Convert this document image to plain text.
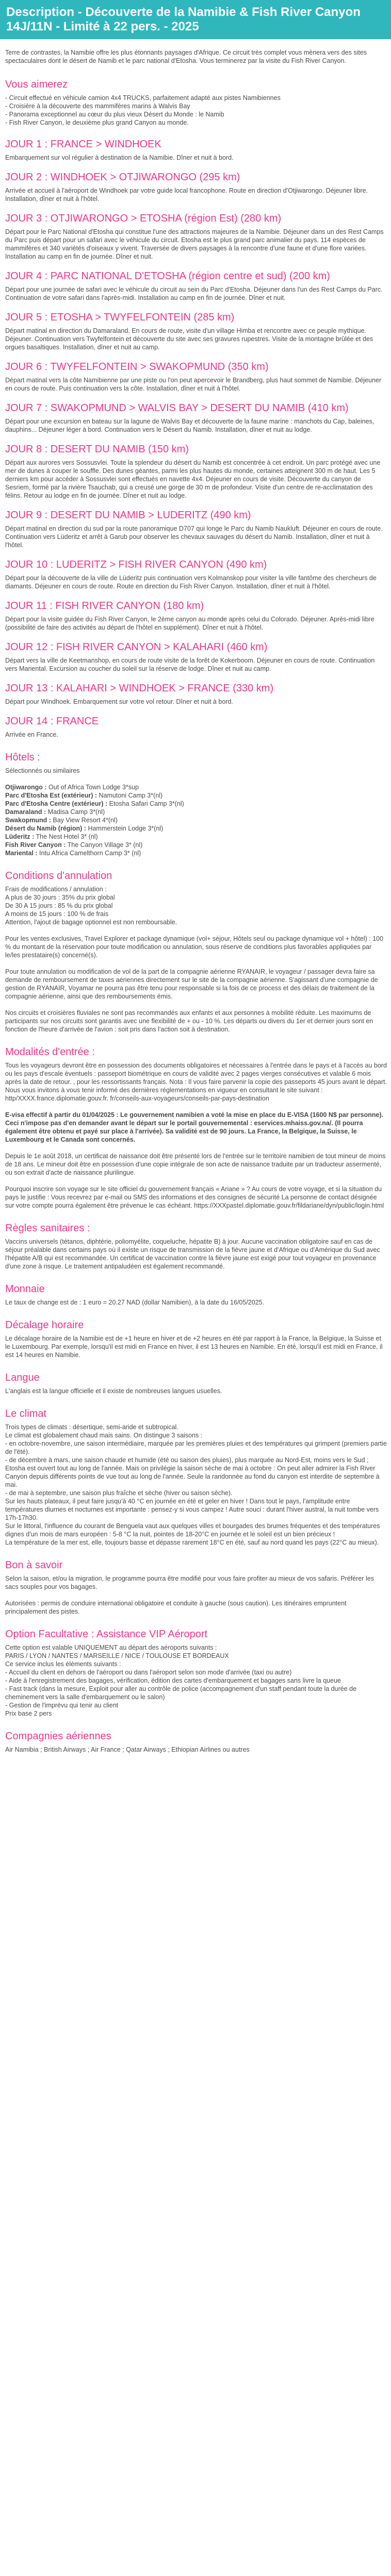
Description - Découverte de la Namibie & Fish River Canyon
14J/11N - Limité à 22 pers. - 2025

Terre de contrastes, la Namibie offre les plus étonnants paysages d'Afrique. Ce circuit très complet vous mènera vers des sites spectaculaires dont le désert de Namib et le parc national d'Etosha. Vous terminerez par la visite du Fish River Canyon.

Vous aimerez

- Circuit effectué en véhicule camion 4x4 TRUCKS, parfaitement adapté aux pistes Namibiennes

- Croisière à la découverte des mammifères marins à Walvis Bay

- Panorama exceptionnel au cœur du plus vieux Désert du Monde : le Namib

- Fish River Canyon, le deuxième plus grand Canyon au monde.

JOUR 1 : FRANCE > WINDHOEK

Embarquement sur vol régulier à destination de la Namibie. Dîner et nuit à bord.

JOUR 2 : WINDHOEK > OTJIWARONGO (295 km)

Arrivée et accueil à l'aéroport de Windhoek par votre guide local francophone. Route en direction d'Otjiwarongo. Déjeuner libre. Installation, dîner et nuit à l'hôtel.

JOUR 3 : OTJIWARONGO > ETOSHA (région Est) (280 km)

Départ pour le Parc National d'Etosha qui constitue l'une des attractions majeures de la Namibie. Déjeuner dans un des Rest Camps du Parc puis départ pour un safari avec le véhicule du circuit. Etosha est le plus grand parc animalier du pays. 114 espèces de mammifères et 340 variétés d'oiseaux y vivent. Traversée de divers paysages à la rencontre d'une faune et d'une flore variées. Installation au camp en fin de journée. Dîner et nuit.

JOUR 4 : PARC NATIONAL D'ETOSHA (région centre et sud) (200 km)

Départ pour une journée de safari avec le véhicule du circuit au sein du Parc d'Etosha. Déjeuner dans l'un des Rest Camps du Parc. Continuation de votre safari dans l'après-midi. Installation au camp en fin de journée. Dîner et nuit.

JOUR 5 : ETOSHA > TWYFELFONTEIN (285 km)

Départ matinal en direction du Damaraland. En cours de route, visite d'un village Himba et rencontre avec ce peuple mythique. Déjeuner. Continuation vers Twyfelfontein et découverte du site avec ses gravures rupestres. Visite de la montagne brûlée et des orgues basaltiques. Installation, dîner et nuit au camp.

JOUR 6 : TWYFELFONTEIN > SWAKOPMUND (350 km)

Départ matinal vers la côte Namibienne par une piste ou l'on peut apercevoir le Brandberg, plus haut sommet de Namibie. Déjeuner en cours de route. Puis continuation vers la côte. Installation, dîner et nuit à l'hôtel.

JOUR 7 : SWAKOPMUND > WALVIS BAY > DESERT DU NAMIB (410 km)

Départ pour une excursion en bateau sur la lagune de Walvis Bay et découverte de la faune marine : manchots du Cap, baleines, dauphins... Déjeuner léger à bord. Continuation vers le Désert du Namib. Installation, dîner et nuit au lodge.

JOUR 8 : DESERT DU NAMIB (150 km)

Départ aux aurores vers Sossusvlei. Toute la splendeur du désert du Namib est concentrée à cet endroit. Un parc protégé avec une mer de dunes à couper le souffle. Des dunes géantes, parmi les plus hautes du monde, certaines atteignent 300 m de haut. Les 5 derniers km pour accéder à Sossusvlei sont effectués en navette 4x4. Déjeuner en cours de visite. Découverte du canyon de Sesriem, formé par la rivière Tsauchab, qui a creusé une gorge de 30 m de profondeur. Visite d'un centre de re-acclimatation des félins. Retour au lodge en fin de journée. Dîner et nuit au lodge.

JOUR 9 : DESERT DU NAMIB > LUDERITZ (490 km)

Départ matinal en direction du sud par la route panoramique D707 qui longe le Parc du Namib Naukluft. Déjeuner en cours de route. Continuation vers Lüderitz et arrêt à Garub pour observer les chevaux sauvages du désert du Namib. Installation, dîner et nuit à l'hôtel.

JOUR 10 : LUDERITZ > FISH RIVER CANYON (490 km)

Départ pour la découverte de la ville de Lüderitz puis continuation vers Kolmanskop pour visiter la ville fantôme des chercheurs de diamants. Déjeuner en cours de route. Route en direction du Fish River Canyon. Installation, dîner et nuit à l'hôtel.

JOUR 11 : FISH RIVER CANYON (180 km)

Départ pour la visite guidée du Fish River Canyon, le 2ème canyon au monde après celui du Colorado. Déjeuner. Après-midi libre (possibilité de faire des activités au départ de l'hôtel en supplément). Dîner et nuit à l'hôtel.

JOUR 12 : FISH RIVER CANYON > KALAHARI (460 km)

Départ vers la ville de Keetmanshop, en cours de route visite de la forêt de Kokerboom. Déjeuner en cours de route. Continuation vers Mariental. Excursion au coucher du soleil sur la réserve de lodge. Dîner et nuit au camp.

JOUR 13 : KALAHARI > WINDHOEK > FRANCE (330 km)

Départ pour Windhoek. Embarquement sur votre vol retour. Dîner et nuit à bord.

JOUR 14 : FRANCE

Arrivée en France.

Hôtels :

Sélectionnés ou similaires

Otjiwarongo : Out of Africa Town Lodge 3*sup

Parc d'Etosha Est (extérieur) : Namutoni Camp 3*(nl)

Parc d'Etosha Centre (extérieur) : Etosha Safari Camp 3*(nl)

Damaraland : Madisa Camp 3*(nl)

Swakopmund : Bay View Resort 4*(nl)

Désert du Namib (région) : Hammerstein Lodge 3*(nl)

Lüderitz : The Nest Hotel 3* (nl)

Fish River Canyon : The Canyon Village 3* (nl)

Mariental : Intu Africa Camelthorn Camp 3* (nl)

Conditions d'annulation

Frais de modifications / annulation :

A plus de 30 jours : 35% du prix global

De 30 A 15 jours : 85 % du prix global

A moins de 15 jours : 100 % de frais

Attention, l'ajout de bagage optionnel est non remboursable.

Pour les ventes exclusives, Travel Explorer et package dynamique (vol+ séjour, Hôtels seul ou package dynamique vol + hôtel) : 100 % du montant de la réservation pour toute modification ou annulation, sous réserve de conditions plus favorables appliquées par le/les prestataire(s) concerné(s).

Pour toute annulation ou modification de vol de la part de la compagnie aérienne RYANAIR, le voyageur / passager devra faire sa demande de remboursement de taxes aériennes directement sur le site de la compagnie aérienne. S'agissant d'une compagnie de gestion de RYANAIR, Voyamar ne pourra pas être tenu pour responsable si la fois de ce process et des délais de traitement de la compagnie aérienne, ainsi que des remboursements émis.

Nos circuits et croisières fluviales ne sont pas recommandés aux enfants et aux personnes à mobilité réduite. Les maximums de participants sur nos circuits sont garantis avec une flexibilité de + ou - 10 %. Les départs ou divers du 1er et dernier jours sont en fonction de l'heure d'arrivée de l'avion : soit pris dans l'action soit à destination.

Modalités d'entrée :

Tous les voyageurs devront être en possession des documents obligatoires et nécessaires à l'entrée dans le pays et à l'accès au bord ou les pays d'escale éventuels : passeport biométrique en cours de validité avec 2 pages vierges consécutives et valable 6 mois après la date de retour. , pour les ressortissants français. Nota : Il vous faire parvenir la copie des passeports 45 jours avant le départ. Nous vous invitons à vous tenir informé des dernières réglementations en vigueur en consultant le site suivant : http/XXXX.france.diplomatie.gouv.fr. fr/conseils-aux-voyageurs/conseils-par-pays-destination

E-visa effectif à partir du 01/04/2025 : Le gouvernement namibien a voté la mise en place du E-VISA (1600 N$ par personne). Ceci n'impose pas d'en demander avant le départ sur le portail gouvernemental : eservices.mhaiss.gov.na/. (Il pourra également être obtenu et payé sur place à l'arrivée). Sa validité est de 90 jours. La France, la Belgique, la Suisse, le Luxembourg et le Canada sont concernés.

Depuis le 1e août 2018, un certificat de naissance doit être présenté lors de l'entrée sur le territoire namibien de tout mineur de moins de 18 ans. Le mineur doit être en possession d'une copie intégrale de son acte de naissance traduite par un traducteur assermenté, ou son extrait d'acte de naissance plurilingue.

Pourquoi inscrire son voyage sur le site officiel du gouvernement français « Ariane » ? Au cours de votre voyage, et si la situation du pays le justifie : Vous recevrez par e-mail ou SMS des informations et des consignes de sécurité La personne de contact désignée sur votre compte pourra également être prévenue le cas échéant. https://XXXpastel.diplomatie.gouv.fr/fildariane/dyn/public/login.html

Règles sanitaires :

Vaccins universels (tétanos, diphtérie, poliomyélite, coqueluche, hépatite B) à jour. Aucune vaccination obligatoire sauf en cas de séjour préalable dans certains pays où il existe un risque de transmission de la fièvre jaune et d'Afrique ou d'Amérique du Sud avec l'hépatite A/B qui est recommandée. Un certificat de vaccination contre la fièvre jaune est exigé pour tout voyageur en provenance d'une zone à risque. Le traitement antipaludéen est également recommandé.

Monnaie

Le taux de change est de : 1 euro = 20.27 NAD (dollar Namibien), à la date du 16/05/2025.

Décalage horaire

Le décalage horaire de la Namibie est de +1 heure en hiver et de +2 heures en été par rapport à la France, la Belgique, la Suisse et le Luxembourg. Par exemple, lorsqu'il est midi en France en hiver, il est 13 heures en Namibie. En été, lorsqu'il est midi en France, il est 14 heures en Namibie.

Langue

L'anglais est la langue officielle et il existe de nombreuses langues usuelles.

Le climat

Trois types de climats : désertique, semi-aride et subtropical.

Le climat est globalement chaud mais sains. On distingue 3 saisons :

- en octobre-novembre, une saison intermédiaire, marquée par les premières pluies et des températures qui grimpent (premiers partie de l'été).

- de décembre à mars, une saison chaude et humide (été ou saison des pluies), plus marquée au Nord-Est, moins vers le Sud ;

Etosha est ouvert tout au long de l'année. Mais on privilégie la saison sèche de mai à octobre : On peut aller admirer la Fish River Canyon depuis différents points de vue tout au long de l'année. Seule la randonnée au fond du canyon est interdite de septembre à mai.

- de mai à septembre, une saison plus fraîche et sèche (hiver ou saison sèche).

Sur les hauts plateaux, il peut faire jusqu'à 40 °C en journée en été et geler en hiver ! Dans tout le pays, l'amplitude entre températures diurnes et nocturnes est importante : pensez-y si vous campez ! Autre souci : durant l'hiver austral, la nuit tombe vers 17h-17h30.

Sur le littoral, l'influence du courant de Benguela vaut aux quelques villes et bourgades des brumes fréquentes et des températures dignes d'un mois de mars européen : 5-8 °C la nuit, pointes de 18-20°C en journée et le soleil est un bien précieux !

La température de la mer est, elle, toujours basse et dépasse rarement 18°C en été, sauf au nord quand les pays (22°C au mieux).

Bon à savoir

Selon la saison, et/ou la migration, le programme pourra être modifié pour vous faire profiter au mieux de vos safaris. Préférer les sacs souples pour vos bagages.

Autorisées : permis de conduire international obligatoire et conduite à gauche (sous caution). Les itinéraires empruntent principalement des pistes.

Option Facultative : Assistance VIP Aéroport

Cette option est valable UNIQUEMENT au départ des aéroports suivants :

PARIS / LYON / NANTES / MARSEILLE / NICE / TOULOUSE ET BORDEAUX

Ce service inclus les éléments suivants :

- Accueil du client en dehors de l'aéroport ou dans l'aéroport selon son mode d'arrivée (taxi ou autre)

- Aide à l'enregistrement des bagages, vérification, édition des cartes d'embarquement et bagages sans livre la queue

- Fast track (dans la mesure, Exploit pour aller au contrôle de police (accompagnement d'un staff pendant toute la durée de cheminement vers la salle d'embarquement ou le salon)

- Gestion de l'imprévu qui tenir au client

Prix base 2 pers

Compagnies aériennes

Air Namibia ; British Airways ; Air France ; Qatar Airways ; Ethiopian Airlines ou autres
